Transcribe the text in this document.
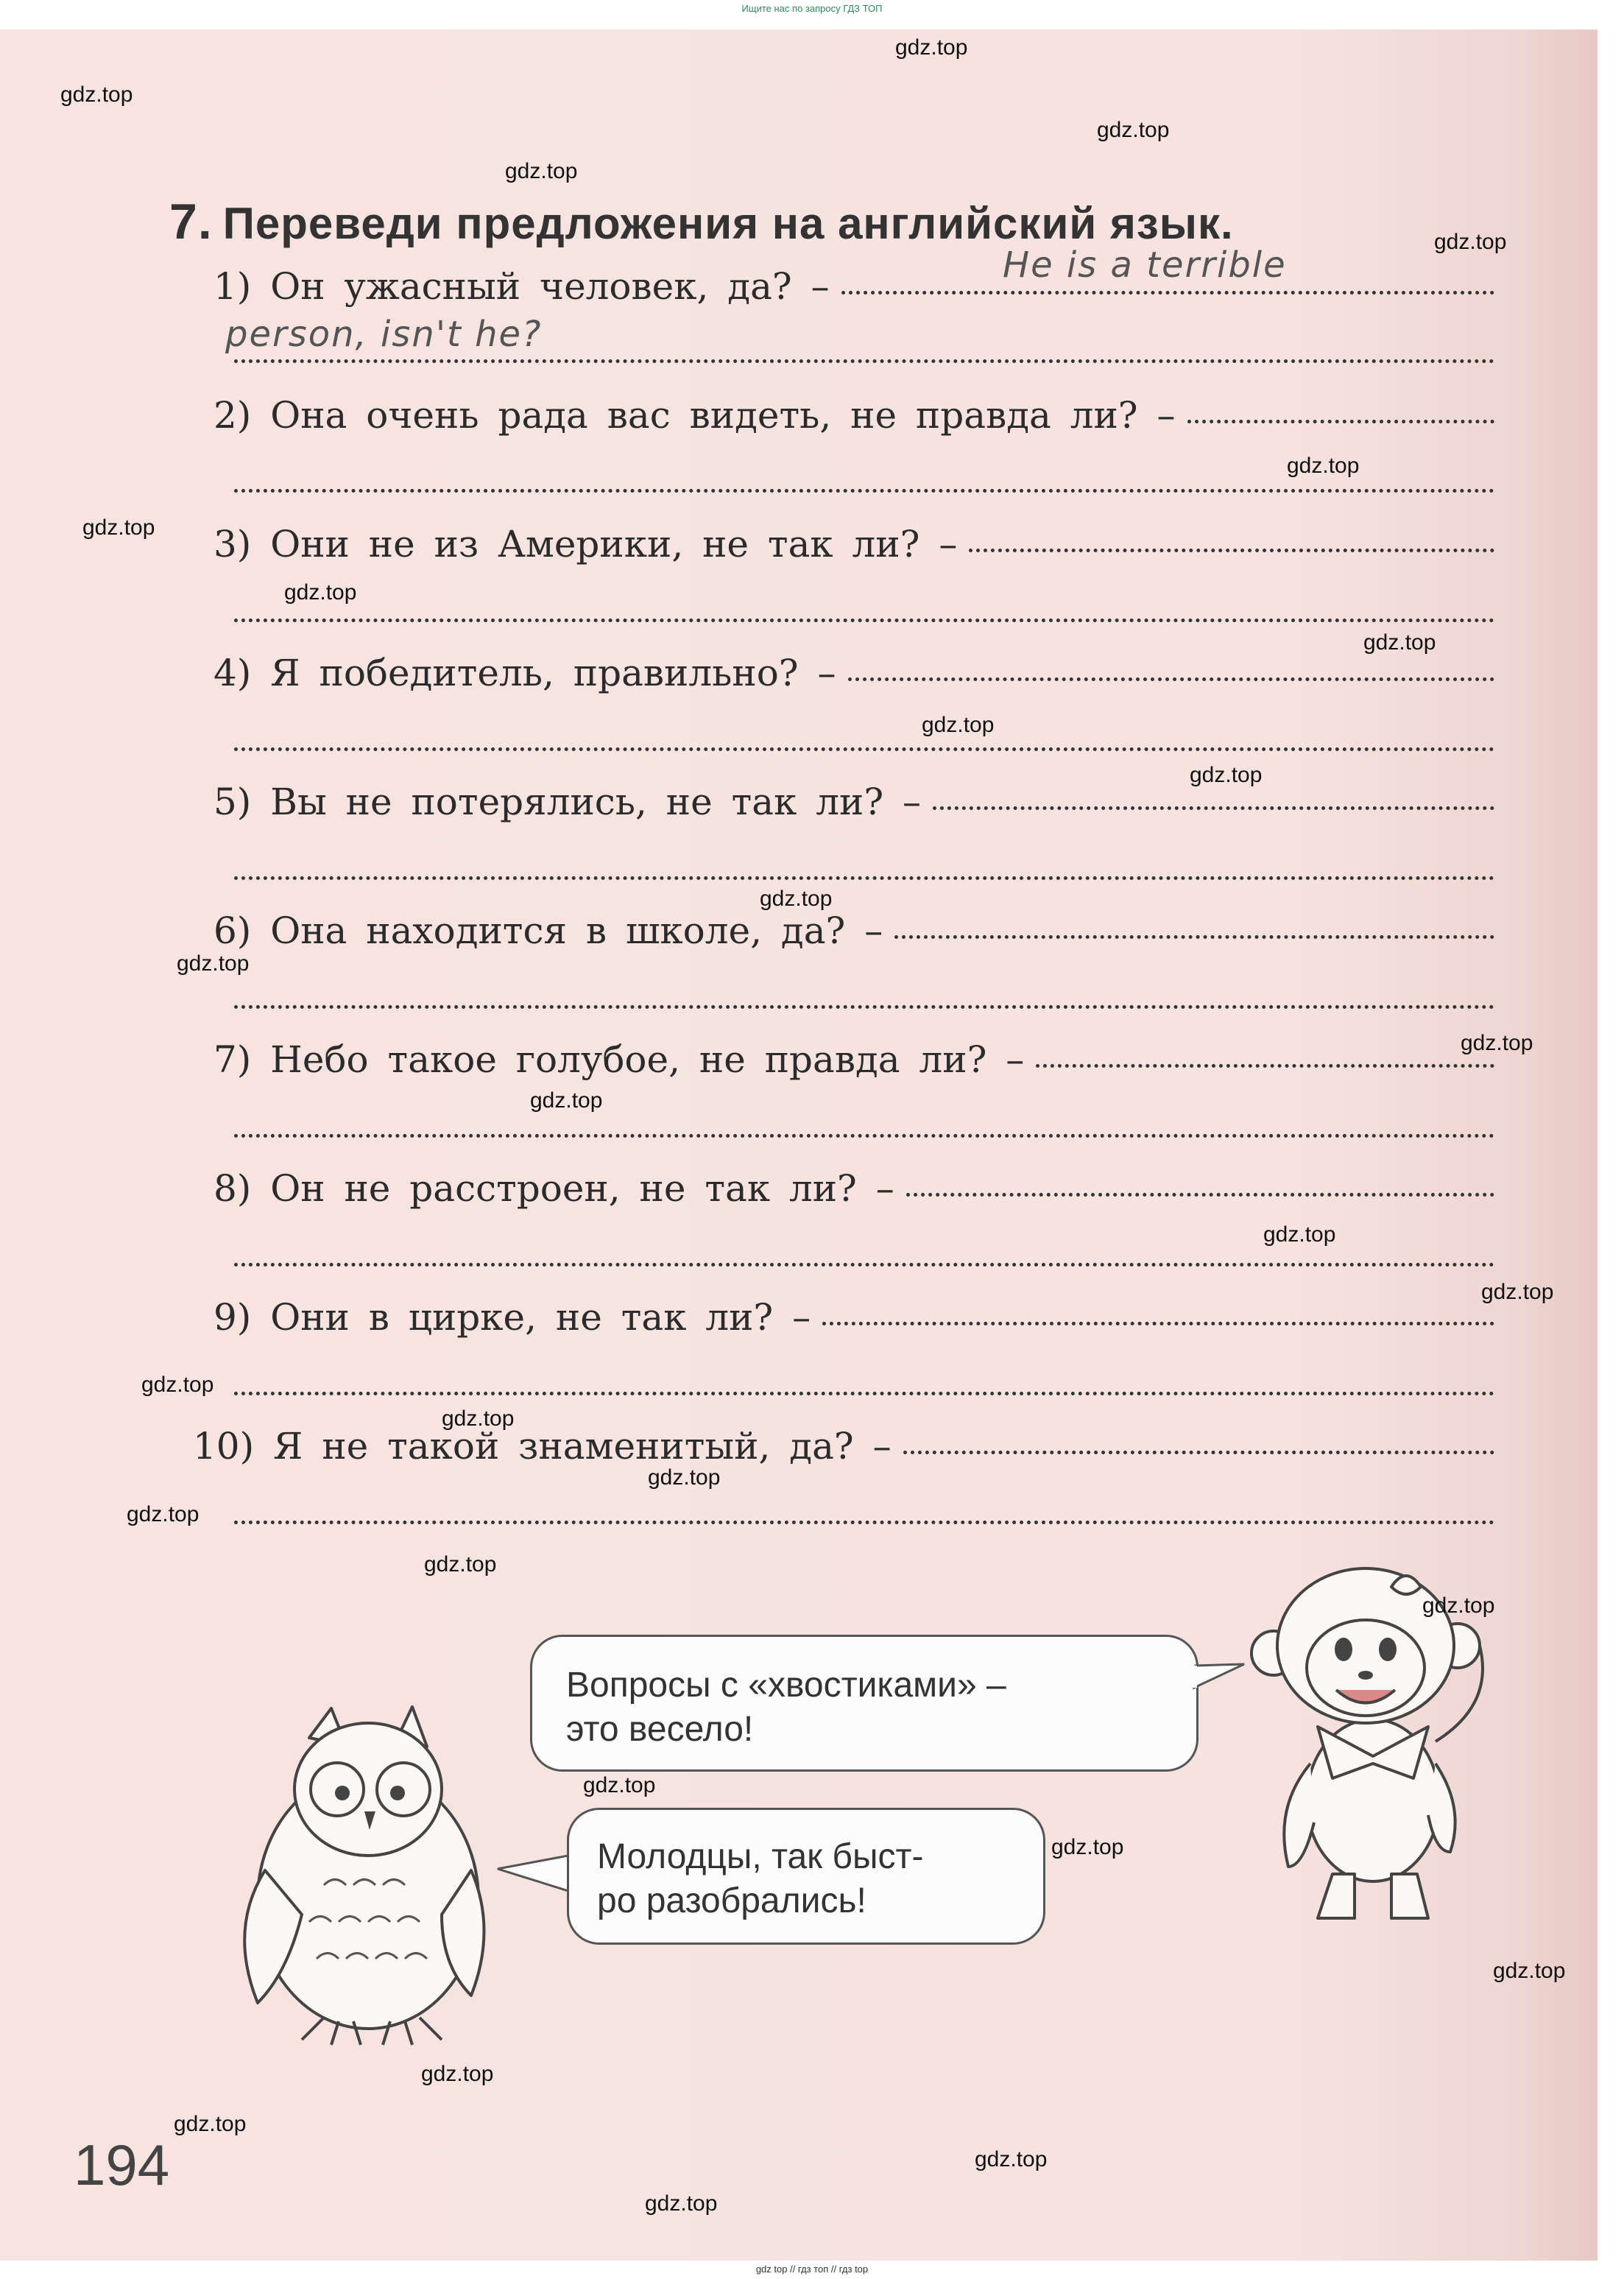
Ищите нас по запросу ГДЗ ТОП
7. Переведи предложения на английский язык.
1) Он ужасный человек, да? –	He is a terrible
person, isn't he?
2) Она очень рада вас видеть, не правда ли? –
3) Они не из Америки, не так ли? –
4) Я победитель, правильно? –
5) Вы не потерялись, не так ли? –
6) Она находится в школе, да? –
7) Небо такое голубое, не правда ли? –
8) Он не расстроен, не так ли? –
9) Они в цирке, не так ли? –
10) Я не такой знаменитый, да? –
Вопросы с «хвостиками» –
это весело!
Молодцы, так быст-
ро разобрались!
194
gdz.top
gdz.top
gdz.top
gdz.top
gdz.top
gdz.top
gdz.top
gdz.top
gdz.top
gdz.top
gdz.top
gdz.top
gdz.top
gdz.top
gdz.top
gdz.top
gdz.top
gdz.top
gdz.top
gdz.top
gdz.top
gdz.top
gdz.top
gdz.top
gdz.top
gdz.top
gdz.top
gdz.top
gdz.top
gdz.top
gdz top // гдз топ // гдз top
